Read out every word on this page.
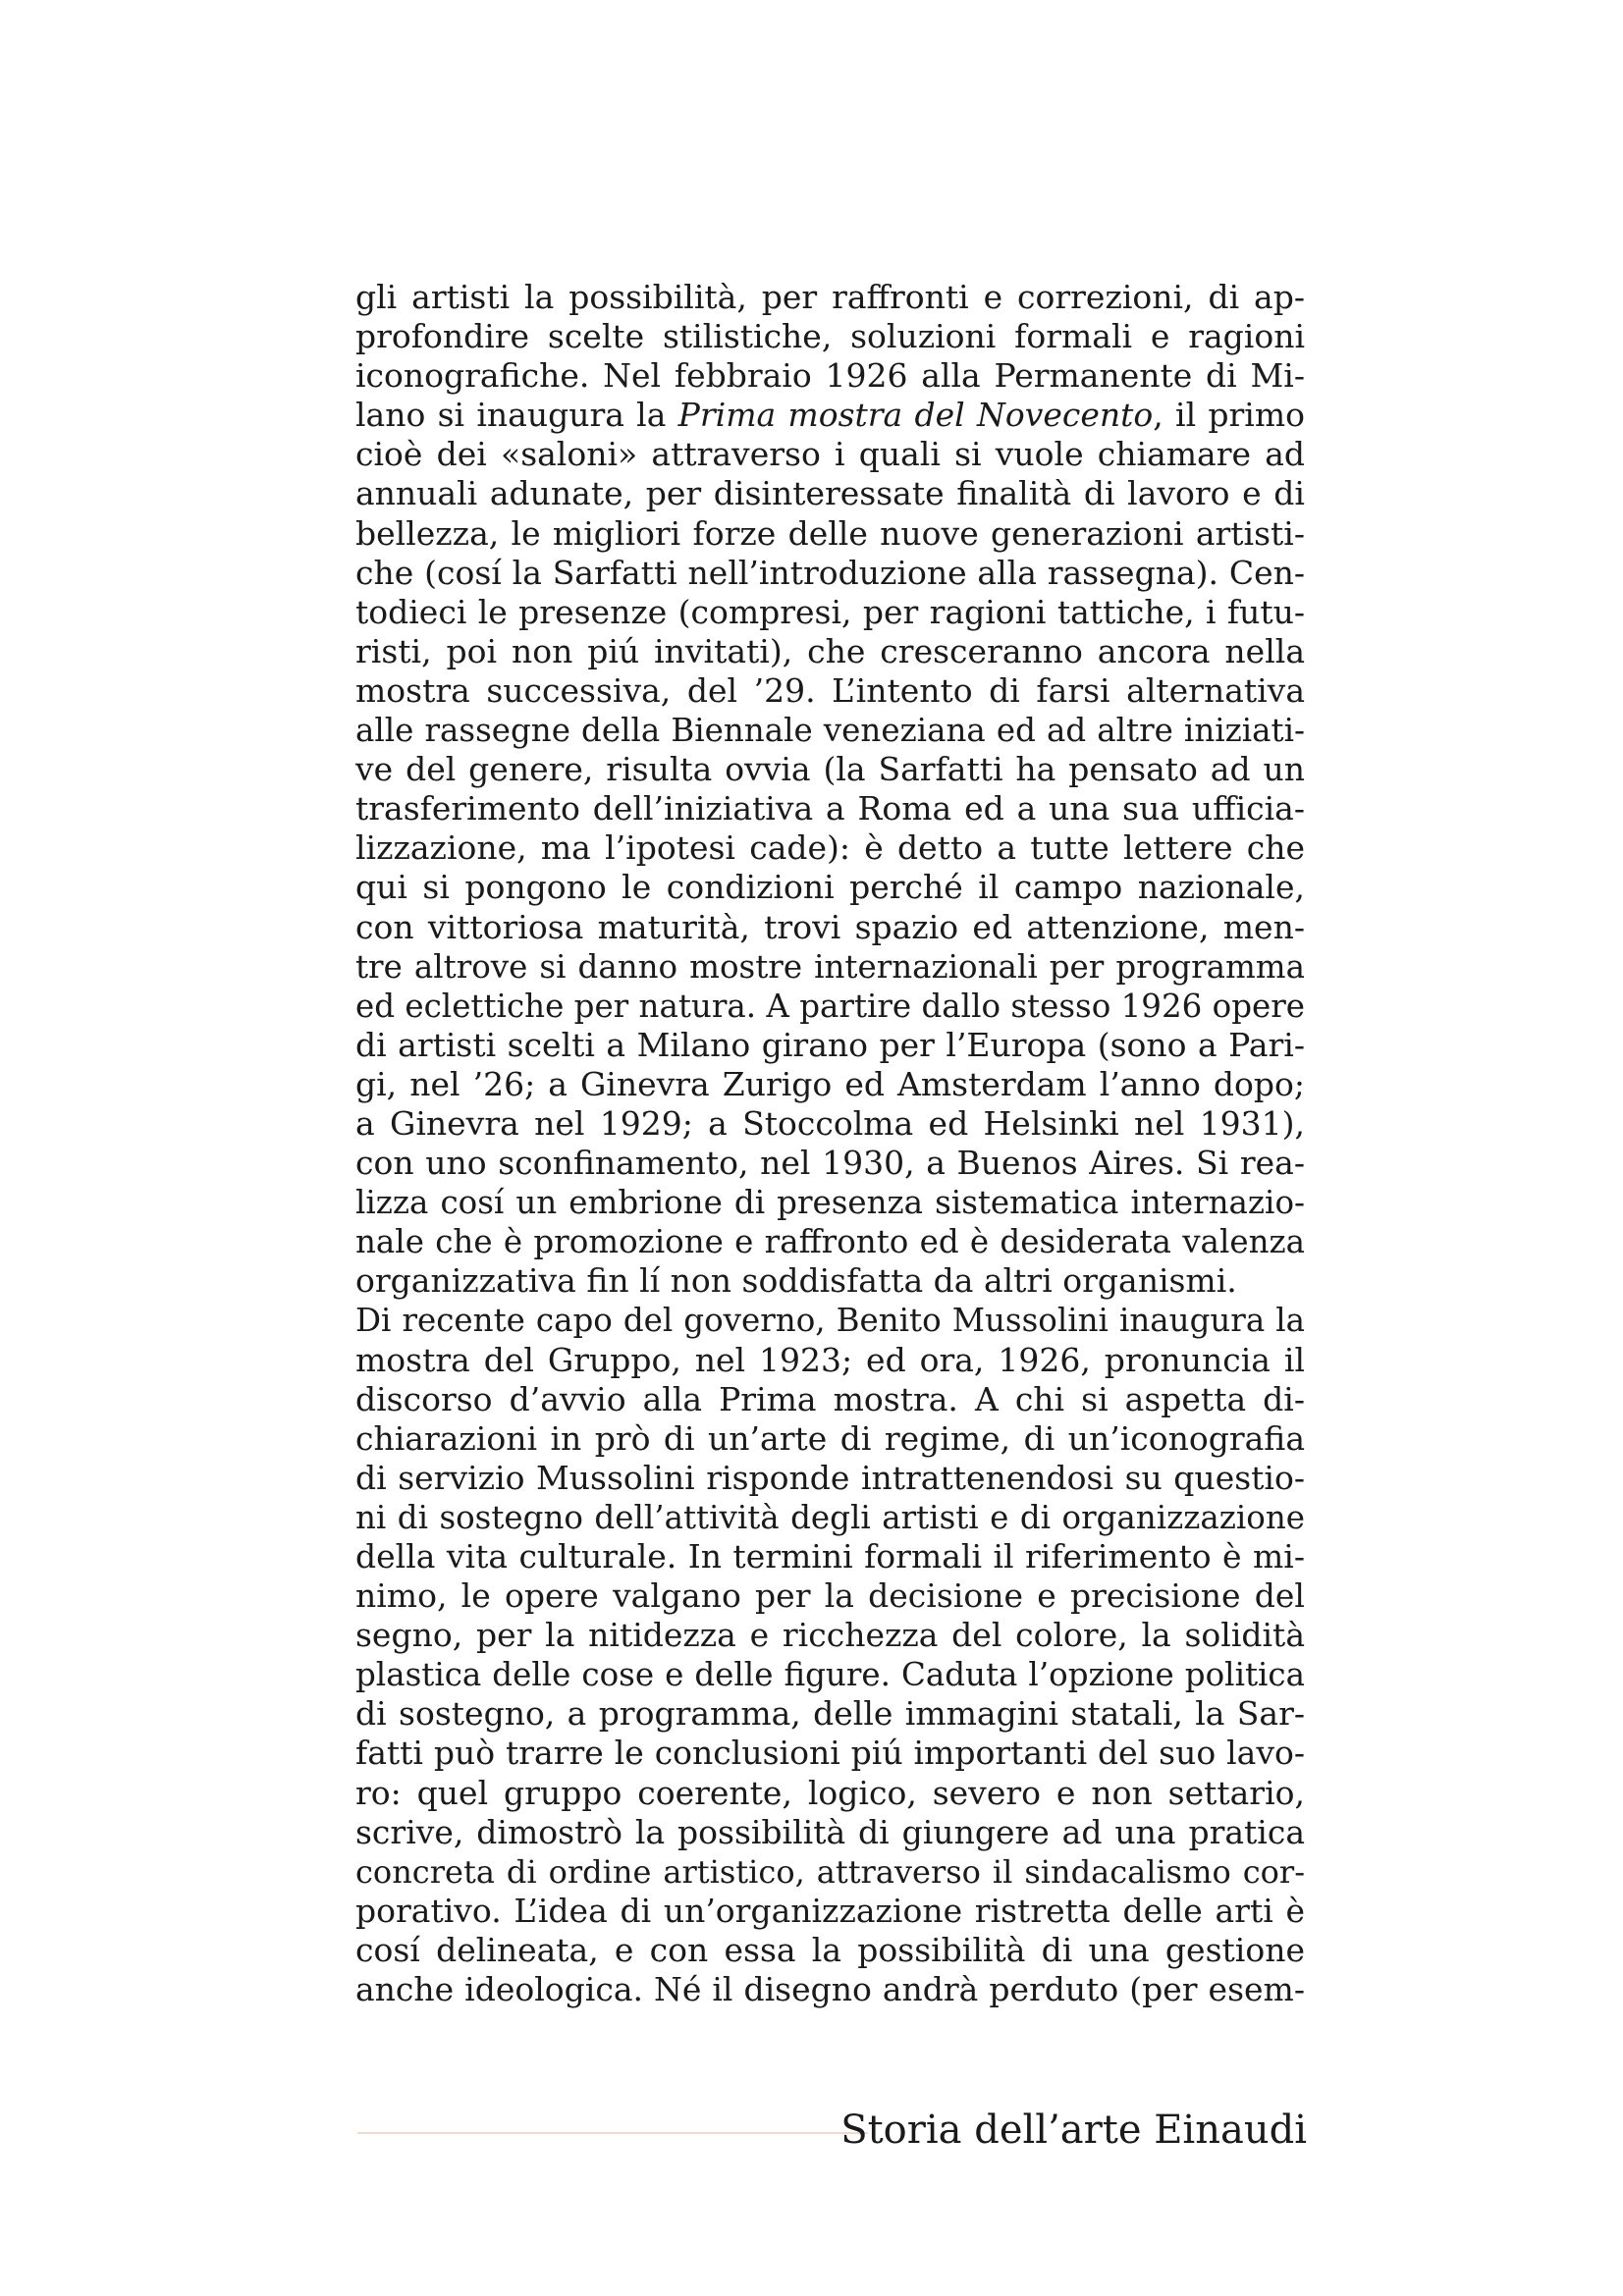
gli artisti la possibilità, per raffronti e correzioni, di ap-
profondire scelte stilistiche, soluzioni formali e ragioni
iconografiche. Nel febbraio 1926 alla Permanente di Mi-
lano si inaugura la Prima mostra del Novecento, il primo
cioè dei «saloni» attraverso i quali si vuole chiamare ad
annuali adunate, per disinteressate finalità di lavoro e di
bellezza, le migliori forze delle nuove generazioni artisti-
che (cosí la Sarfatti nell’introduzione alla rassegna). Cen-
todieci le presenze (compresi, per ragioni tattiche, i futu-
risti, poi non piú invitati), che cresceranno ancora nella
mostra successiva, del ’29. L’intento di farsi alternativa
alle rassegne della Biennale veneziana ed ad altre iniziati-
ve del genere, risulta ovvia (la Sarfatti ha pensato ad un
trasferimento dell’iniziativa a Roma ed a una sua ufficia-
lizzazione, ma l’ipotesi cade): è detto a tutte lettere che
qui si pongono le condizioni perché il campo nazionale,
con vittoriosa maturità, trovi spazio ed attenzione, men-
tre altrove si danno mostre internazionali per programma
ed eclettiche per natura. A partire dallo stesso 1926 opere
di artisti scelti a Milano girano per l’Europa (sono a Pari-
gi, nel ’26; a Ginevra Zurigo ed Amsterdam l’anno dopo;
a Ginevra nel 1929; a Stoccolma ed Helsinki nel 1931),
con uno sconfinamento, nel 1930, a Buenos Aires. Si rea-
lizza cosí un embrione di presenza sistematica internazio-
nale che è promozione e raffronto ed è desiderata valenza
organizzativa fin lí non soddisfatta da altri organismi.
Di recente capo del governo, Benito Mussolini inaugura la
mostra del Gruppo, nel 1923; ed ora, 1926, pronuncia il
discorso d’avvio alla Prima mostra. A chi si aspetta di-
chiarazioni in prò di un’arte di regime, di un’iconografia
di servizio Mussolini risponde intrattenendosi su questio-
ni di sostegno dell’attività degli artisti e di organizzazione
della vita culturale. In termini formali il riferimento è mi-
nimo, le opere valgano per la decisione e precisione del
segno, per la nitidezza e ricchezza del colore, la solidità
plastica delle cose e delle figure. Caduta l’opzione politica
di sostegno, a programma, delle immagini statali, la Sar-
fatti può trarre le conclusioni piú importanti del suo lavo-
ro: quel gruppo coerente, logico, severo e non settario,
scrive, dimostrò la possibilità di giungere ad una pratica
concreta di ordine artistico, attraverso il sindacalismo cor-
porativo. L’idea di un’organizzazione ristretta delle arti è
cosí delineata, e con essa la possibilità di una gestione
anche ideologica. Né il disegno andrà perduto (per esem-
Storia dell’arte Einaudi
